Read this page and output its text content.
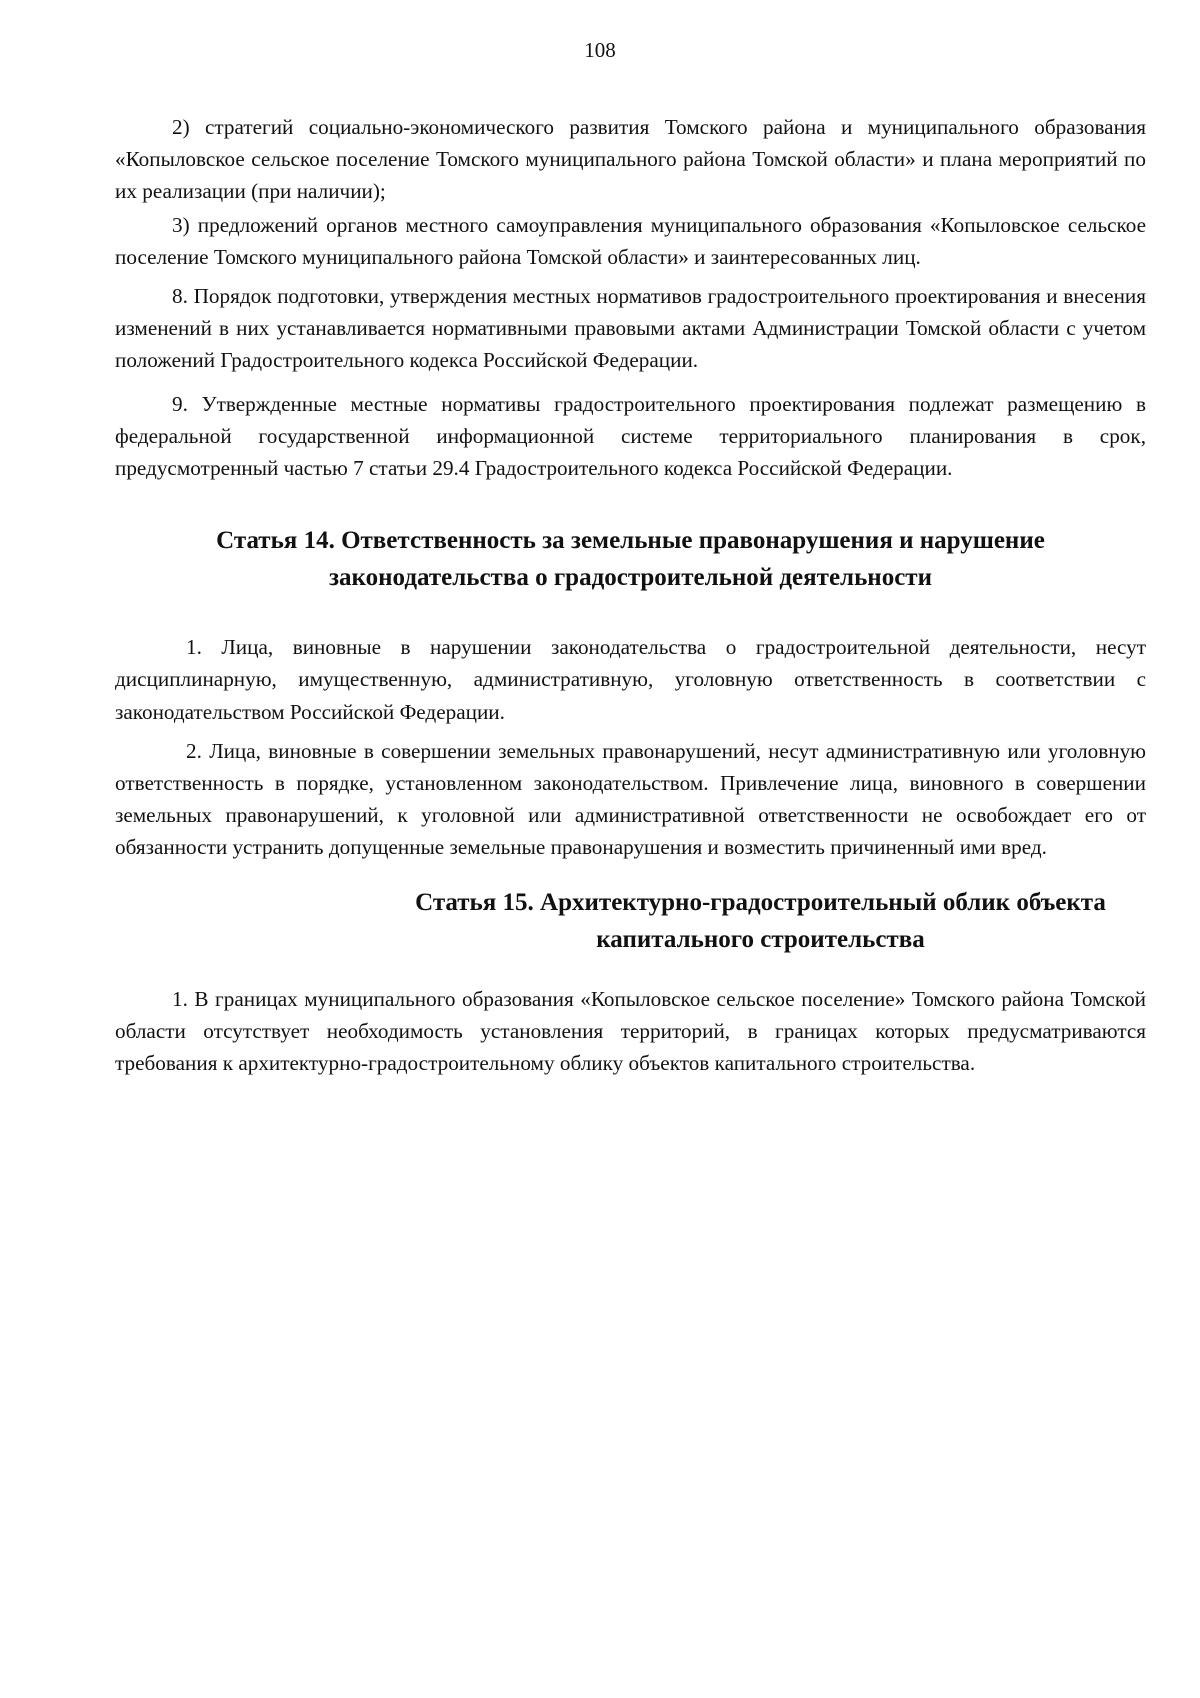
108

2) стратегий социально-экономического развития Томского района и муниципального образования «Копыловское сельское поселение Томского муниципального района Томской области» и плана мероприятий по их реализации (при наличии);

3) предложений органов местного самоуправления муниципального образования «Копыловское сельское поселение Томского муниципального района Томской области» и заинтересованных лиц.

8. Порядок подготовки, утверждения местных нормативов градостроительного проектирования и внесения изменений в них устанавливается нормативными правовыми актами Администрации Томской области с учетом положений Градостроительного кодекса Российской Федерации.

9. Утвержденные местные нормативы градостроительного проектирования подлежат размещению в федеральной государственной информационной системе территориального планирования в срок, предусмотренный частью 7 статьи 29.4 Градостроительного кодекса Российской Федерации.

Статья 14. Ответственность за земельные правонарушения и нарушение
законодательства о градостроительной деятельности

1. Лица, виновные в нарушении законодательства о градостроительной деятельности, несут дисциплинарную, имущественную, административную, уголовную ответственность в соответствии с законодательством Российской Федерации.

2. Лица, виновные в совершении земельных правонарушений, несут административную или уголовную ответственность в порядке, установленном законодательством. Привлечение лица, виновного в совершении земельных правонарушений, к уголовной или административной ответственности не освобождает его от обязанности устранить допущенные земельные правонарушения и возместить причиненный ими вред.

Статья 15. Архитектурно-градостроительный облик объекта
капитального строительства

1. В границах муниципального образования «Копыловское сельское поселение» Томского района Томской области отсутствует необходимость установления территорий, в границах которых предусматриваются требования к архитектурно-градостроительному облику объектов капитального строительства.
